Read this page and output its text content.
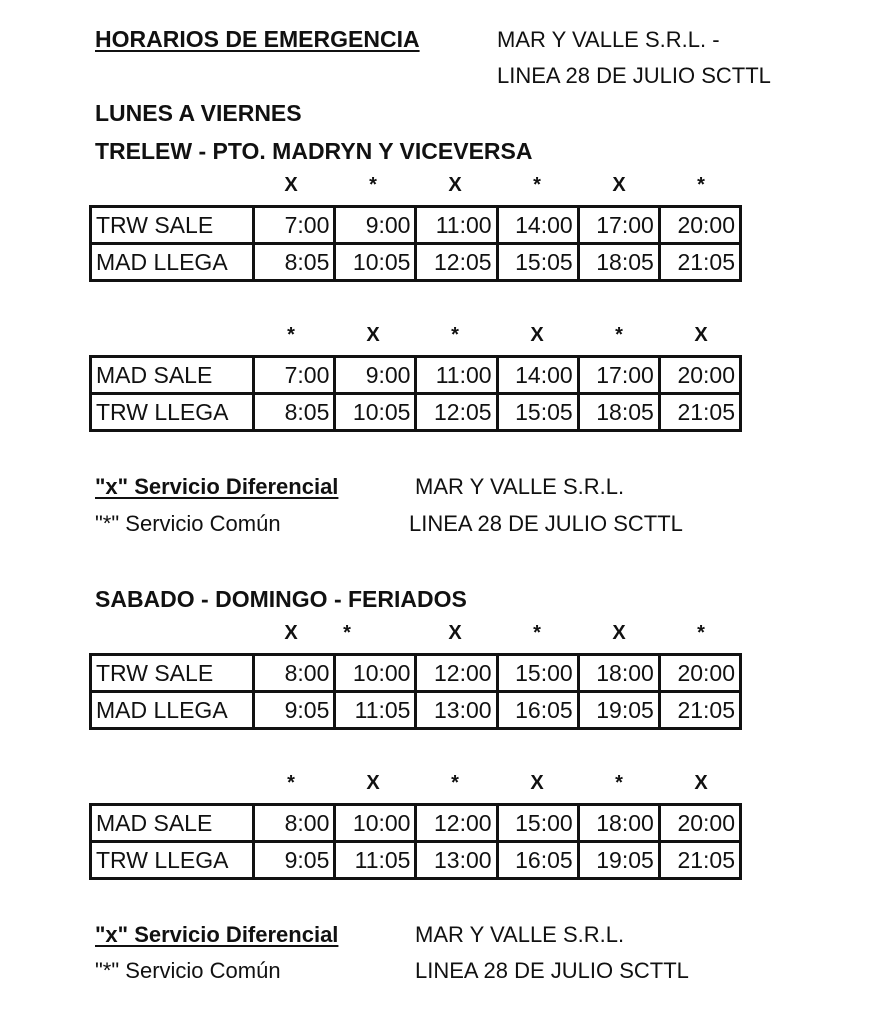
HORARIOS DE EMERGENCIA	MAR Y VALLE S.R.L. -
LINEA 28 DE JULIO SCTTL
LUNES A VIERNES
TRELEW - PTO. MADRYN Y VICEVERSA
X	*	X	*	X	*
TRW SALE	7:00	9:00	11:00	14:00	17:00	20:00
MAD LLEGA	8:05	10:05	12:05	15:05	18:05	21:05
*	X	*	X	*	X
MAD SALE	7:00	9:00	11:00	14:00	17:00	20:00
TRW LLEGA	8:05	10:05	12:05	15:05	18:05	21:05
"x" Servicio Diferencial	MAR Y VALLE S.R.L.
"*" Servicio Común	LINEA 28 DE JULIO SCTTL
SABADO - DOMINGO - FERIADOS
X	*	X	*	X	*
TRW SALE	8:00	10:00	12:00	15:00	18:00	20:00
MAD LLEGA	9:05	11:05	13:00	16:05	19:05	21:05
*	X	*	X	*	X
MAD SALE	8:00	10:00	12:00	15:00	18:00	20:00
TRW LLEGA	9:05	11:05	13:00	16:05	19:05	21:05
"x" Servicio Diferencial	MAR Y VALLE S.R.L.
"*" Servicio Común	LINEA 28 DE JULIO SCTTL
